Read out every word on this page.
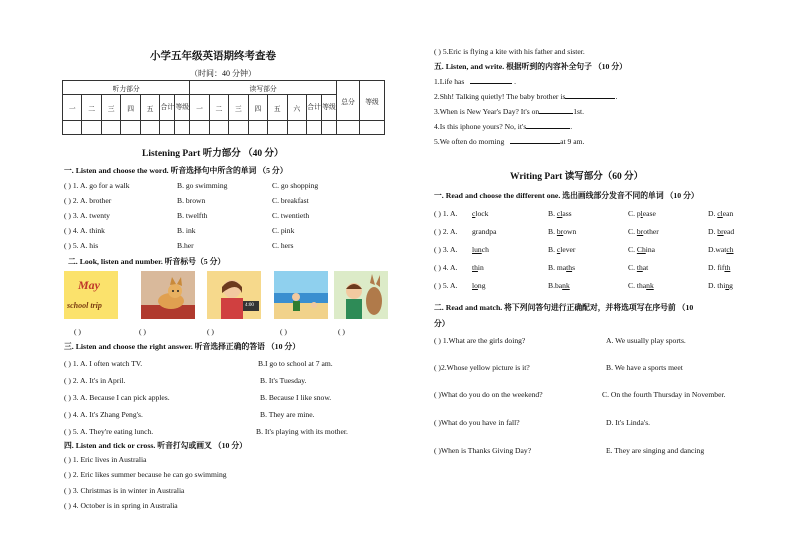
小学五年级英语期终考查卷
（时间：40 分钟）
听力部分							读写部分								总分	等级
一	二	三	四	五	合计	等级	一	二	三	四	五	六	合计	等级		

Listening Part 听力部分 （40 分）
一. Listen and choose the word. 听音选择句中所含的单词 （5 分）
( ) 1. A. go for a walk	B. go swimming	C. go shopping
( ) 2. A. brother	B. brown	C. breakfast
( ) 3. A. twenty	B. twelfth	C. twentieth
( ) 4. A. think	B. ink	C. pink
( ) 5. A. his	B.her	C. hers
二. Look, listen and number. 听音标号（5 分）
May
school trip	4:00
( )	( )	( )	( )	( )
三. Listen and choose the right answer. 听音选择正确的答语 （10 分）
( ) 1. A. I often watch TV.	B.I go to school at 7 am.
( ) 2. A. It's in April.	B. It's Tuesday.
( ) 3. A. Because I can pick apples.	B. Because I like snow.
( ) 4. A. It's Zhang Peng's.	B. They are mine.
( ) 5. A. They're eating lunch.	B. It's playing with its mother.
四. Listen and tick or cross. 听音打勾或画叉 （10 分）
( ) 1. Eric lives in Australia
( ) 2. Eric likes summer because he can go swimming
( ) 3. Christmas is in winter in Australia
( ) 4. October is in spring in Australia
( ) 5.Eric is flying a kite with his father and sister.
五. Listen, and write. 根据听到的内容补全句子 （10 分）
1.Life has	.
2.Shh! Talking quietly! The baby brother is	.
3.When is New Year's Day? It's on	1st.
4.Is this iphone yours? No, it's	.
5.We often do morning	at 9 am.
Writing Part 读写部分（60 分）
一. Read and choose the different one. 选出画线部分发音不同的单词 （10 分）
( ) 1. A. clock	B. class	C. please	D. clean
( ) 2. A. grandpa	B. brown	C. brother	D. bread
( ) 3. A. lunch	B. clever	C. China	D.watch
( ) 4. A. thin	B. maths	C. that	D. fifth
( ) 5. A. long	B.bank	C. thank	D. thing
二. Read and match. 将下列问答句进行正确配对，并将选项写在序号前 （10
分）
( ) 1.What are the girls doing?	A. We usually play sports.
( )2.Whose yellow picture is it?	B. We have a sports meet
( )What do you do on the weekend?	C. On the fourth Thursday in November.
( )What do you have in fall?	D. It's Linda's.
( )When is Thanks Giving Day?	E. They are singing and dancing
